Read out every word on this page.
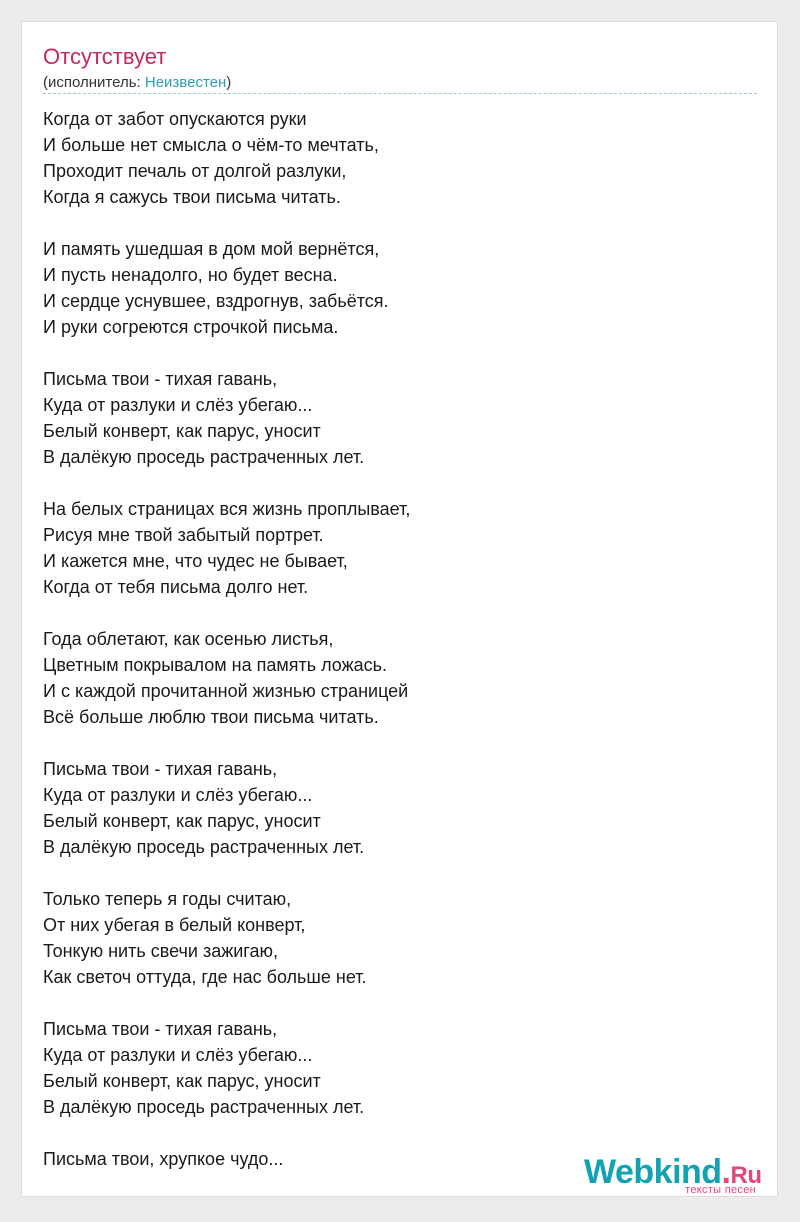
Отсутствует
(исполнитель: Неизвестен)
Когда от забот опускаются руки
И больше нет смысла о чём-то мечтать,
Проходит печаль от долгой разлуки,
Когда я сажусь твои письма читать.
И память ушедшая в дом мой вернётся,
И пусть ненадолго, но будет весна.
И сердце уснувшее, вздрогнув, забьётся.
И руки согреются строчкой письма.
Письма твои - тихая гавань,
Куда от разлуки и слёз убегаю...
Белый конверт, как парус, уносит
В далёкую проседь растраченных лет.
На белых страницах вся жизнь проплывает,
Рисуя мне твой забытый портрет.
И кажется мне, что чудес не бывает,
Когда от тебя письма долго нет.
Года облетают, как осенью листья,
Цветным покрывалом на память ложась.
И с каждой прочитанной жизнью страницей
Всё больше люблю твои письма читать.
Письма твои - тихая гавань,
Куда от разлуки и слёз убегаю...
Белый конверт, как парус, уносит
В далёкую проседь растраченных лет.
Только теперь я годы считаю,
От них убегая в белый конверт,
Тонкую нить свечи зажигаю,
Как светоч оттуда, где нас больше нет.
Письма твои - тихая гавань,
Куда от разлуки и слёз убегаю...
Белый конверт, как парус, уносит
В далёкую проседь растраченных лет.
Письма твои, хрупкое чудо...	Webkind.Ru
тексты песен
